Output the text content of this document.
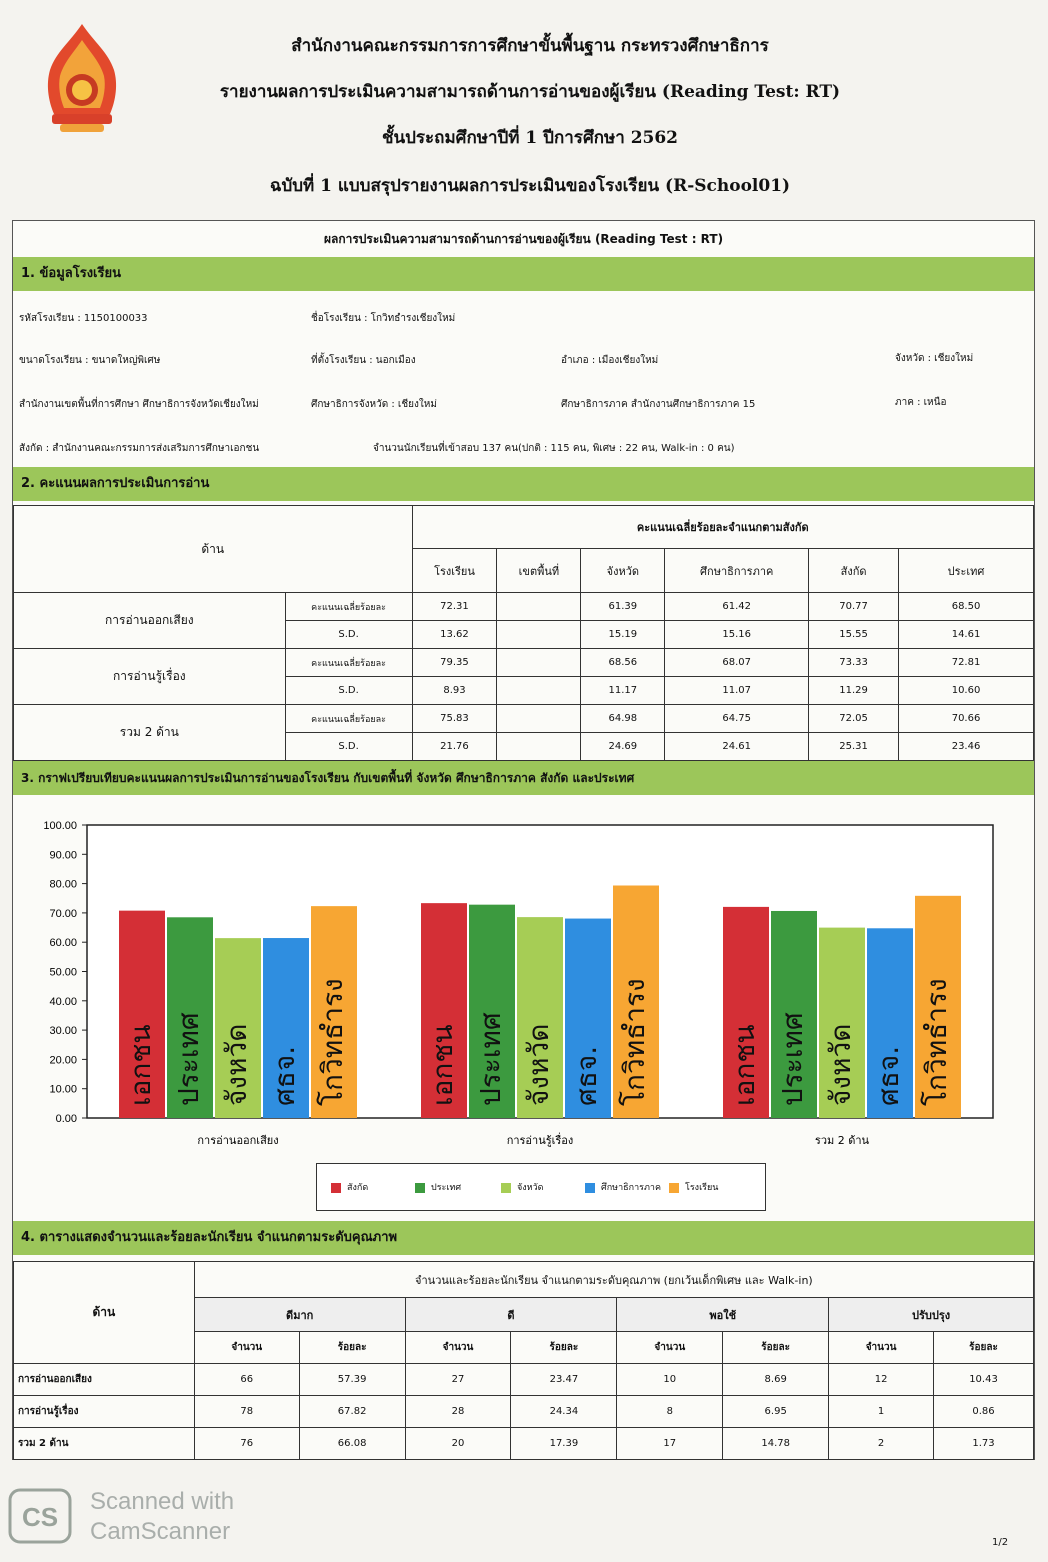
สำนักงานคณะกรรมการการศึกษาขั้นพื้นฐาน กระทรวงศึกษาธิการ
รายงานผลการประเมินความสามารถด้านการอ่านของผู้เรียน (Reading Test: RT)
ชั้นประถมศึกษาปีที่ 1 ปีการศึกษา 2562
ฉบับที่ 1 แบบสรุปรายงานผลการประเมินของโรงเรียน (R-School01)
ผลการประเมินความสามารถด้านการอ่านของผู้เรียน (Reading Test : RT)
1. ข้อมูลโรงเรียน
รหัสโรงเรียน : 1150100033	ชื่อโรงเรียน : โกวิทธำรงเชียงใหม่
ขนาดโรงเรียน : ขนาดใหญ่พิเศษ	ที่ตั้งโรงเรียน : นอกเมือง	อำเภอ : เมืองเชียงใหม่	จังหวัด : เชียงใหม่
สำนักงานเขตพื้นที่การศึกษา ศึกษาธิการจังหวัดเชียงใหม่	ศึกษาธิการจังหวัด : เชียงใหม่	ศึกษาธิการภาค สำนักงานศึกษาธิการภาค 15	ภาค : เหนือ
สังกัด : สำนักงานคณะกรรมการส่งเสริมการศึกษาเอกชน	จำนวนนักเรียนที่เข้าสอบ 137 คน(ปกติ : 115 คน, พิเศษ : 22 คน, Walk-in : 0 คน)
2. คะแนนผลการประเมินการอ่าน
ด้าน		คะแนนเฉลี่ยร้อยละจำแนกตามสังกัด					
		โรงเรียน	เขตพื้นที่	จังหวัด	ศึกษาธิการภาค	สังกัด	ประเทศ
การอ่านออกเสียง	คะแนนเฉลี่ยร้อยละ	72.31		61.39	61.42	70.77	68.50
	S.D.	13.62		15.19	15.16	15.55	14.61
การอ่านรู้เรื่อง	คะแนนเฉลี่ยร้อยละ	79.35		68.56	68.07	73.33	72.81
	S.D.	8.93		11.17	11.07	11.29	10.60
รวม 2 ด้าน	คะแนนเฉลี่ยร้อยละ	75.83		64.98	64.75	72.05	70.66
	S.D.	21.76		24.69	24.61	25.31	23.46
3. กราฟเปรียบเทียบคะแนนผลการประเมินการอ่านของโรงเรียน กับเขตพื้นที่ จังหวัด ศึกษาธิการภาค สังกัด และประเทศ
0.00
10.00
20.00
30.00
40.00
50.00
60.00
70.00
80.00
90.00
100.00
เอกชน ประเทศ จังหวัด ศธจ. โกวิทธำรง
การอ่านออกเสียง
เอกชน ประเทศ จังหวัด ศธจ. โกวิทธำรง
การอ่านรู้เรื่อง
เอกชน ประเทศ จังหวัด ศธจ. โกวิทธำรง
รวม 2 ด้าน
สังกัด	ประเทศ	จังหวัด	ศึกษาธิการภาค	โรงเรียน
4. ตารางแสดงจำนวนและร้อยละนักเรียน จำแนกตามระดับคุณภาพ
ด้าน	จำนวนและร้อยละนักเรียน จำแนกตามระดับคุณภาพ (ยกเว้นเด็กพิเศษ และ Walk-in)							
	ดีมาก		ดี		พอใช้		ปรับปรุง	
	จำนวน	ร้อยละ	จำนวน	ร้อยละ	จำนวน	ร้อยละ	จำนวน	ร้อยละ
การอ่านออกเสียง	66	57.39	27	23.47	10	8.69	12	10.43
การอ่านรู้เรื่อง	78	67.82	28	24.34	8	6.95	1	0.86
รวม 2 ด้าน	76	66.08	20	17.39	17	14.78	2	1.73
CS
Scanned with
CamScanner	1/2
